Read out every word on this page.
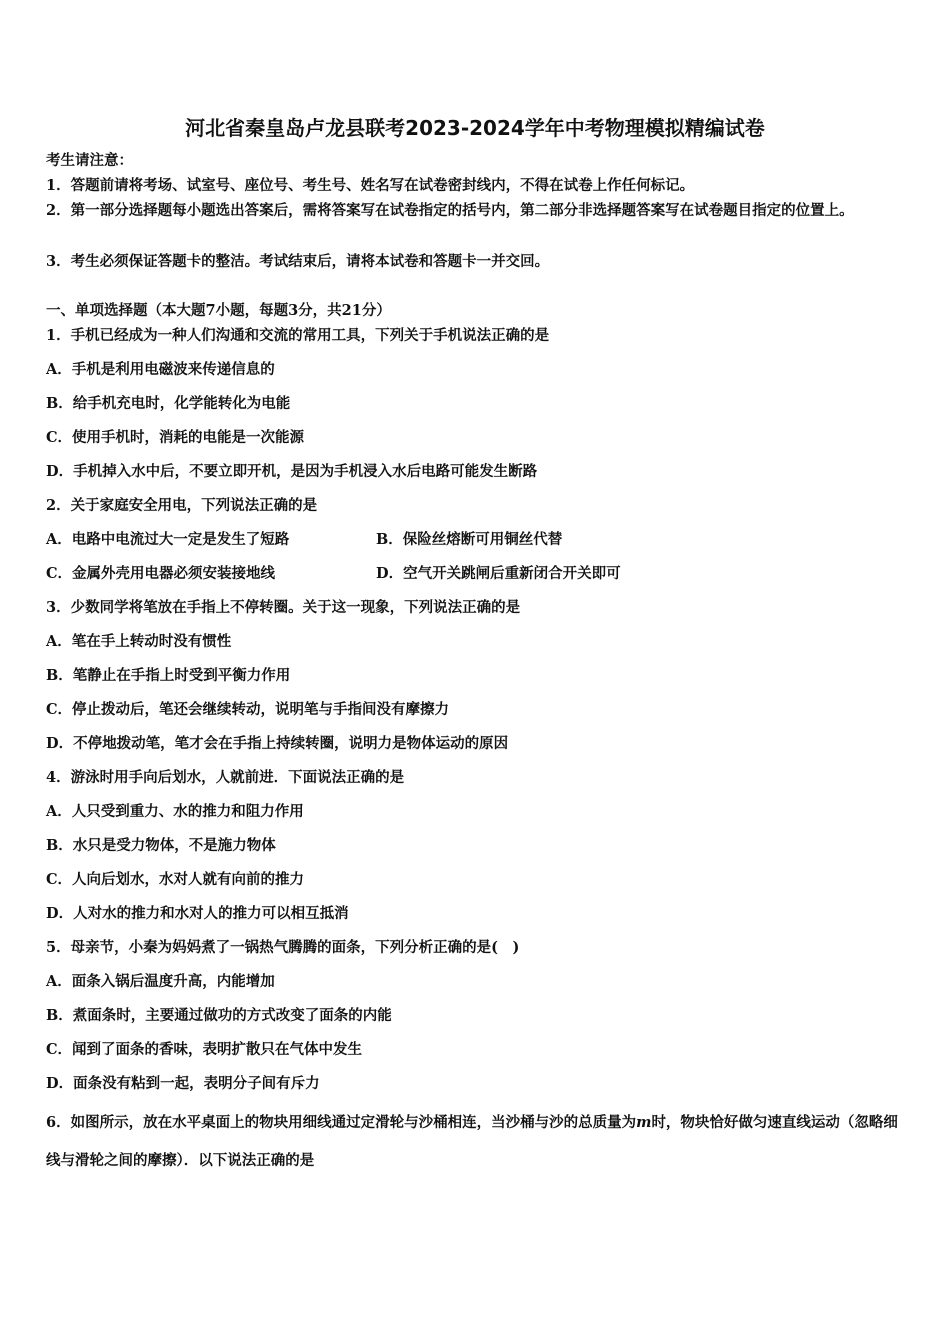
河北省秦皇岛卢龙县联考2023-2024学年中考物理模拟精编试卷
考生请注意：
1．答题前请将考场、试室号、座位号、考生号、姓名写在试卷密封线内，不得在试卷上作任何标记。
2．第一部分选择题每小题选出答案后，需将答案写在试卷指定的括号内，第二部分非选择题答案写在试卷题目指定的位置上。
3．考生必须保证答题卡的整洁。考试结束后，请将本试卷和答题卡一并交回。
一、单项选择题（本大题7小题，每题3分，共21分）
1．手机已经成为一种人们沟通和交流的常用工具，下列关于手机说法正确的是
A．手机是利用电磁波来传递信息的
B．给手机充电时，化学能转化为电能
C．使用手机时，消耗的电能是一次能源
D．手机掉入水中后，不要立即开机，是因为手机浸入水后电路可能发生断路
2．关于家庭安全用电，下列说法正确的是
A．电路中电流过大一定是发生了短路	B．保险丝熔断可用铜丝代替
C．金属外壳用电器必须安装接地线	D．空气开关跳闸后重新闭合开关即可
3．少数同学将笔放在手指上不停转圈。关于这一现象，下列说法正确的是
A．笔在手上转动时没有惯性
B．笔静止在手指上时受到平衡力作用
C．停止拨动后，笔还会继续转动，说明笔与手指间没有摩擦力
D．不停地拨动笔，笔才会在手指上持续转圈，说明力是物体运动的原因
4．游泳时用手向后划水，人就前进．下面说法正确的是
A．人只受到重力、水的推力和阻力作用
B．水只是受力物体，不是施力物体
C．人向后划水，水对人就有向前的推力
D．人对水的推力和水对人的推力可以相互抵消
5．母亲节，小秦为妈妈煮了一锅热气腾腾的面条，下列分析正确的是(　)
A．面条入锅后温度升高，内能增加
B．煮面条时，主要通过做功的方式改变了面条的内能
C．闻到了面条的香味，表明扩散只在气体中发生
D．面条没有粘到一起，表明分子间有斥力
6．如图所示，放在水平桌面上的物块用细线通过定滑轮与沙桶相连，当沙桶与沙的总质量为m时，物块恰好做匀速直线运动（忽略细线与滑轮之间的摩擦）．以下说法正确的是
